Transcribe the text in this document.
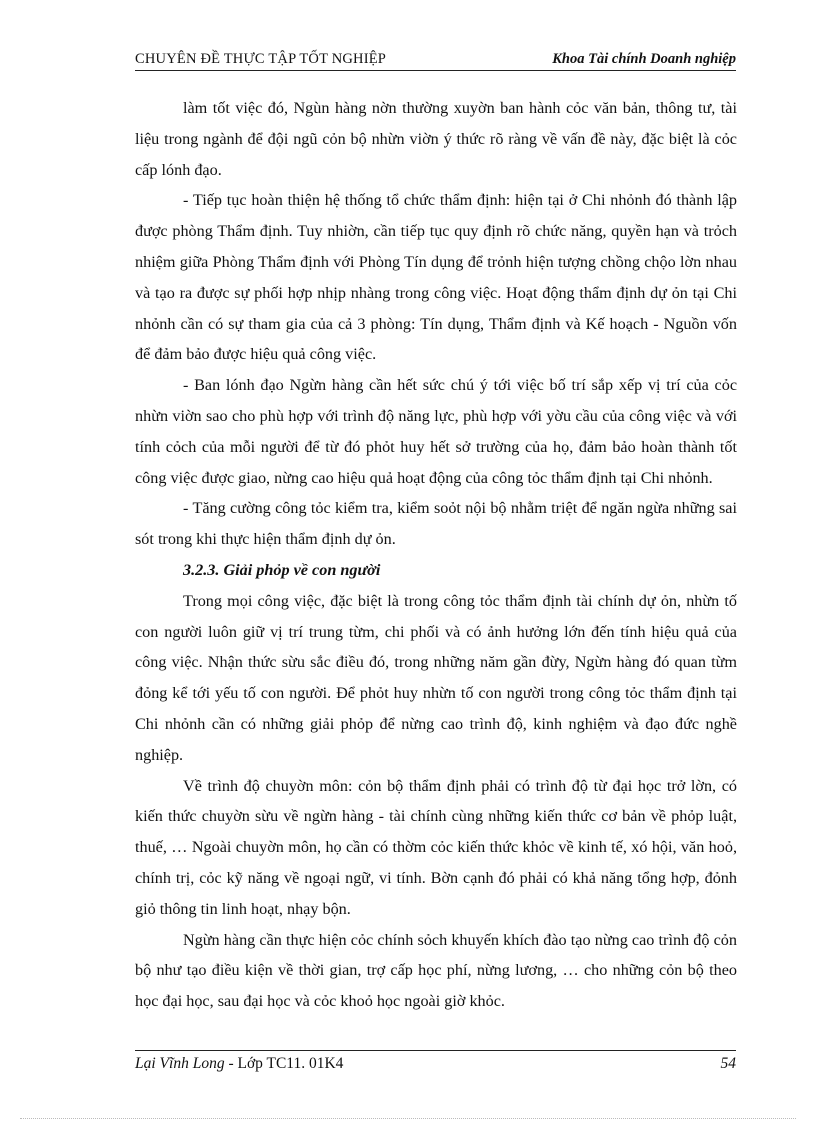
CHUYÊN ĐỀ THỰC TẬP TỐT NGHIỆP	Khoa Tài chính Doanh nghiệp

làm tốt việc đó, Ngùn hàng nờn thường xuyờn ban hành cỏc văn bản, thông tư, tài liệu trong ngành để đội ngũ cỏn bộ nhừn viờn ý thức rõ ràng về vấn đề này, đặc biệt là cỏc cấp lónh đạo.

- Tiếp tục hoàn thiện hệ thống tổ chức thẩm định: hiện tại ở Chi nhỏnh đó thành lập được phòng Thẩm định. Tuy nhiờn, cần tiếp tục quy định rõ chức năng, quyền hạn và trỏch nhiệm giữa Phòng Thẩm định với Phòng Tín dụng để trỏnh hiện tượng chồng chộo lờn nhau và tạo ra được sự phối hợp nhịp nhàng trong công việc. Hoạt động thẩm định dự ỏn tại Chi nhỏnh cần có sự tham gia của cả 3 phòng: Tín dụng, Thẩm định và Kế hoạch - Nguồn vốn để đảm bảo được hiệu quả công việc.

- Ban lónh đạo Ngừn hàng cần hết sức chú ý tới việc bố trí sắp xếp vị trí của cỏc nhừn viờn sao cho phù hợp với trình độ năng lực, phù hợp với yờu cầu của công việc và với tính cỏch của mỗi người để từ đó phỏt huy hết sở trường của họ, đảm bảo hoàn thành tốt công việc được giao, nừng cao hiệu quả hoạt động của công tỏc thẩm định tại Chi nhỏnh.

- Tăng cường công tỏc kiểm tra, kiểm soỏt nội bộ nhằm triệt để ngăn ngừa những sai sót trong khi thực hiện thẩm định dự ỏn.

3.2.3. Giải phỏp về con người

Trong mọi công việc, đặc biệt là trong công tỏc thẩm định tài chính dự ỏn, nhừn tố con người luôn giữ vị trí trung từm, chi phối và có ảnh hưởng lớn đến tính hiệu quả của công việc. Nhận thức sừu sắc điều đó, trong những năm gần đừy, Ngừn hàng đó quan từm đỏng kể tới yếu tố con người. Để phỏt huy nhừn tố con người trong công tỏc thẩm định tại Chi nhỏnh cần có những giải phỏp để nừng cao trình độ, kinh nghiệm và đạo đức nghề nghiệp.

Về trình độ chuyờn môn: cỏn bộ thẩm định phải có trình độ từ đại học trở lờn, có kiến thức chuyờn sừu về ngừn hàng - tài chính cùng những kiến thức cơ bản về phỏp luật, thuế, … Ngoài chuyờn môn, họ cần có thờm cỏc kiến thức khỏc về kinh tế, xó hội, văn hoỏ, chính trị, cỏc kỹ năng về ngoại ngữ, vi tính. Bờn cạnh đó phải có khả năng tổng hợp, đỏnh giỏ thông tin linh hoạt, nhạy bộn.

Ngừn hàng cần thực hiện cỏc chính sỏch khuyến khích đào tạo nừng cao trình độ cỏn bộ như tạo điều kiện về thời gian, trợ cấp học phí, nừng lương, … cho những cỏn bộ theo học đại học, sau đại học và cỏc khoỏ học ngoài giờ khỏc.

Lại Vĩnh Long - Lớp TC11. 01K4	54
